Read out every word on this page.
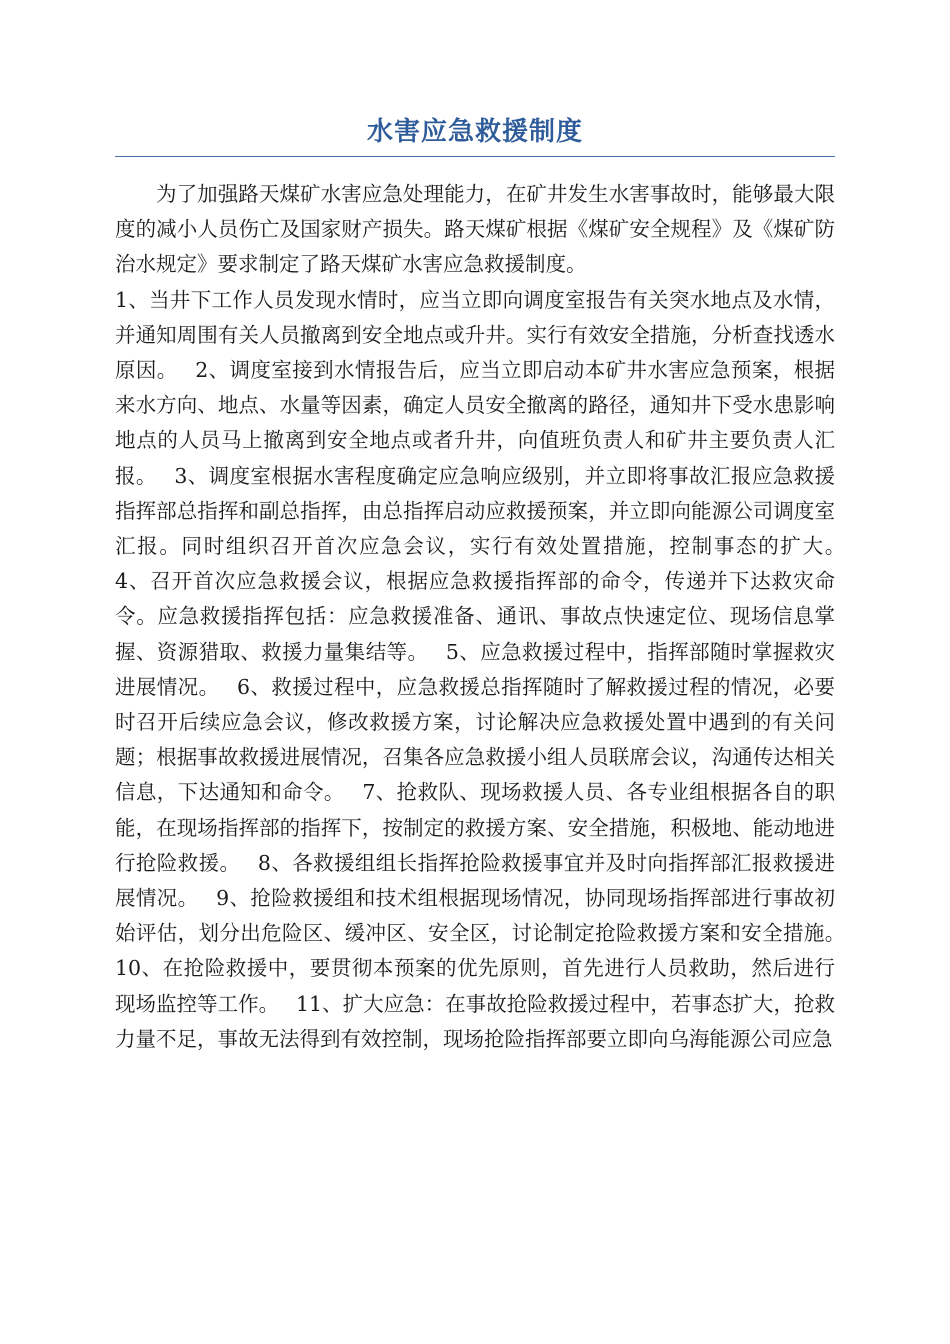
水害应急救援制度

为了加强路天煤矿水害应急处理能力，在矿井发生水害事故时，能够最大限度的减小人员伤亡及国家财产损失。路天煤矿根据《煤矿安全规程》及《煤矿防治水规定》要求制定了路天煤矿水害应急救援制度。

1、当井下工作人员发现水情时，应当立即向调度室报告有关突水地点及水情，并通知周围有关人员撤离到安全地点或升井。实行有效安全措施，分析查找透水原因。　 2、调度室接到水情报告后，应当立即启动本矿井水害应急预案，根据来水方向、地点、水量等因素，确定人员安全撤离的路径，通知井下受水患影响地点的人员马上撤离到安全地点或者升井，向值班负责人和矿井主要负责人汇报。　 3、调度室根据水害程度确定应急响应级别，并立即将事故汇报应急救援指挥部总指挥和副总指挥，由总指挥启动应救援预案，并立即向能源公司调度室汇报。同时组织召开首次应急会议，实行有效处置措施，控制事态的扩大。　 4、召开首次应急救援会议，根据应急救援指挥部的命令，传递并下达救灾命令。应急救援指挥包括：应急救援准备、通讯、事故点快速定位、现场信息掌握、资源猎取、救援力量集结等。　 5、应急救援过程中，指挥部随时掌握救灾进展情况。　 6、救援过程中，应急救援总指挥随时了解救援过程的情况，必要时召开后续应急会议，修改救援方案，讨论解决应急救援处置中遇到的有关问题；根据事故救援进展情况，召集各应急救援小组人员联席会议，沟通传达相关信息，下达通知和命令。　 7、抢救队、现场救援人员、各专业组根据各自的职能，在现场指挥部的指挥下，按制定的救援方案、安全措施，积极地、能动地进行抢险救援。　 8、各救援组组长指挥抢险救援事宜并及时向指挥部汇报救援进展情况。　 9、抢险救援组和技术组根据现场情况，协同现场指挥部进行事故初始评估，划分出危险区、缓冲区、安全区，讨论制定抢险救援方案和安全措施。　 10、在抢险救援中，要贯彻本预案的优先原则，首先进行人员救助，然后进行现场监控等工作。　 11、扩大应急：在事故抢险救援过程中，若事态扩大，抢救力量不足，事故无法得到有效控制，现场抢险指挥部要立即向乌海能源公司应急
